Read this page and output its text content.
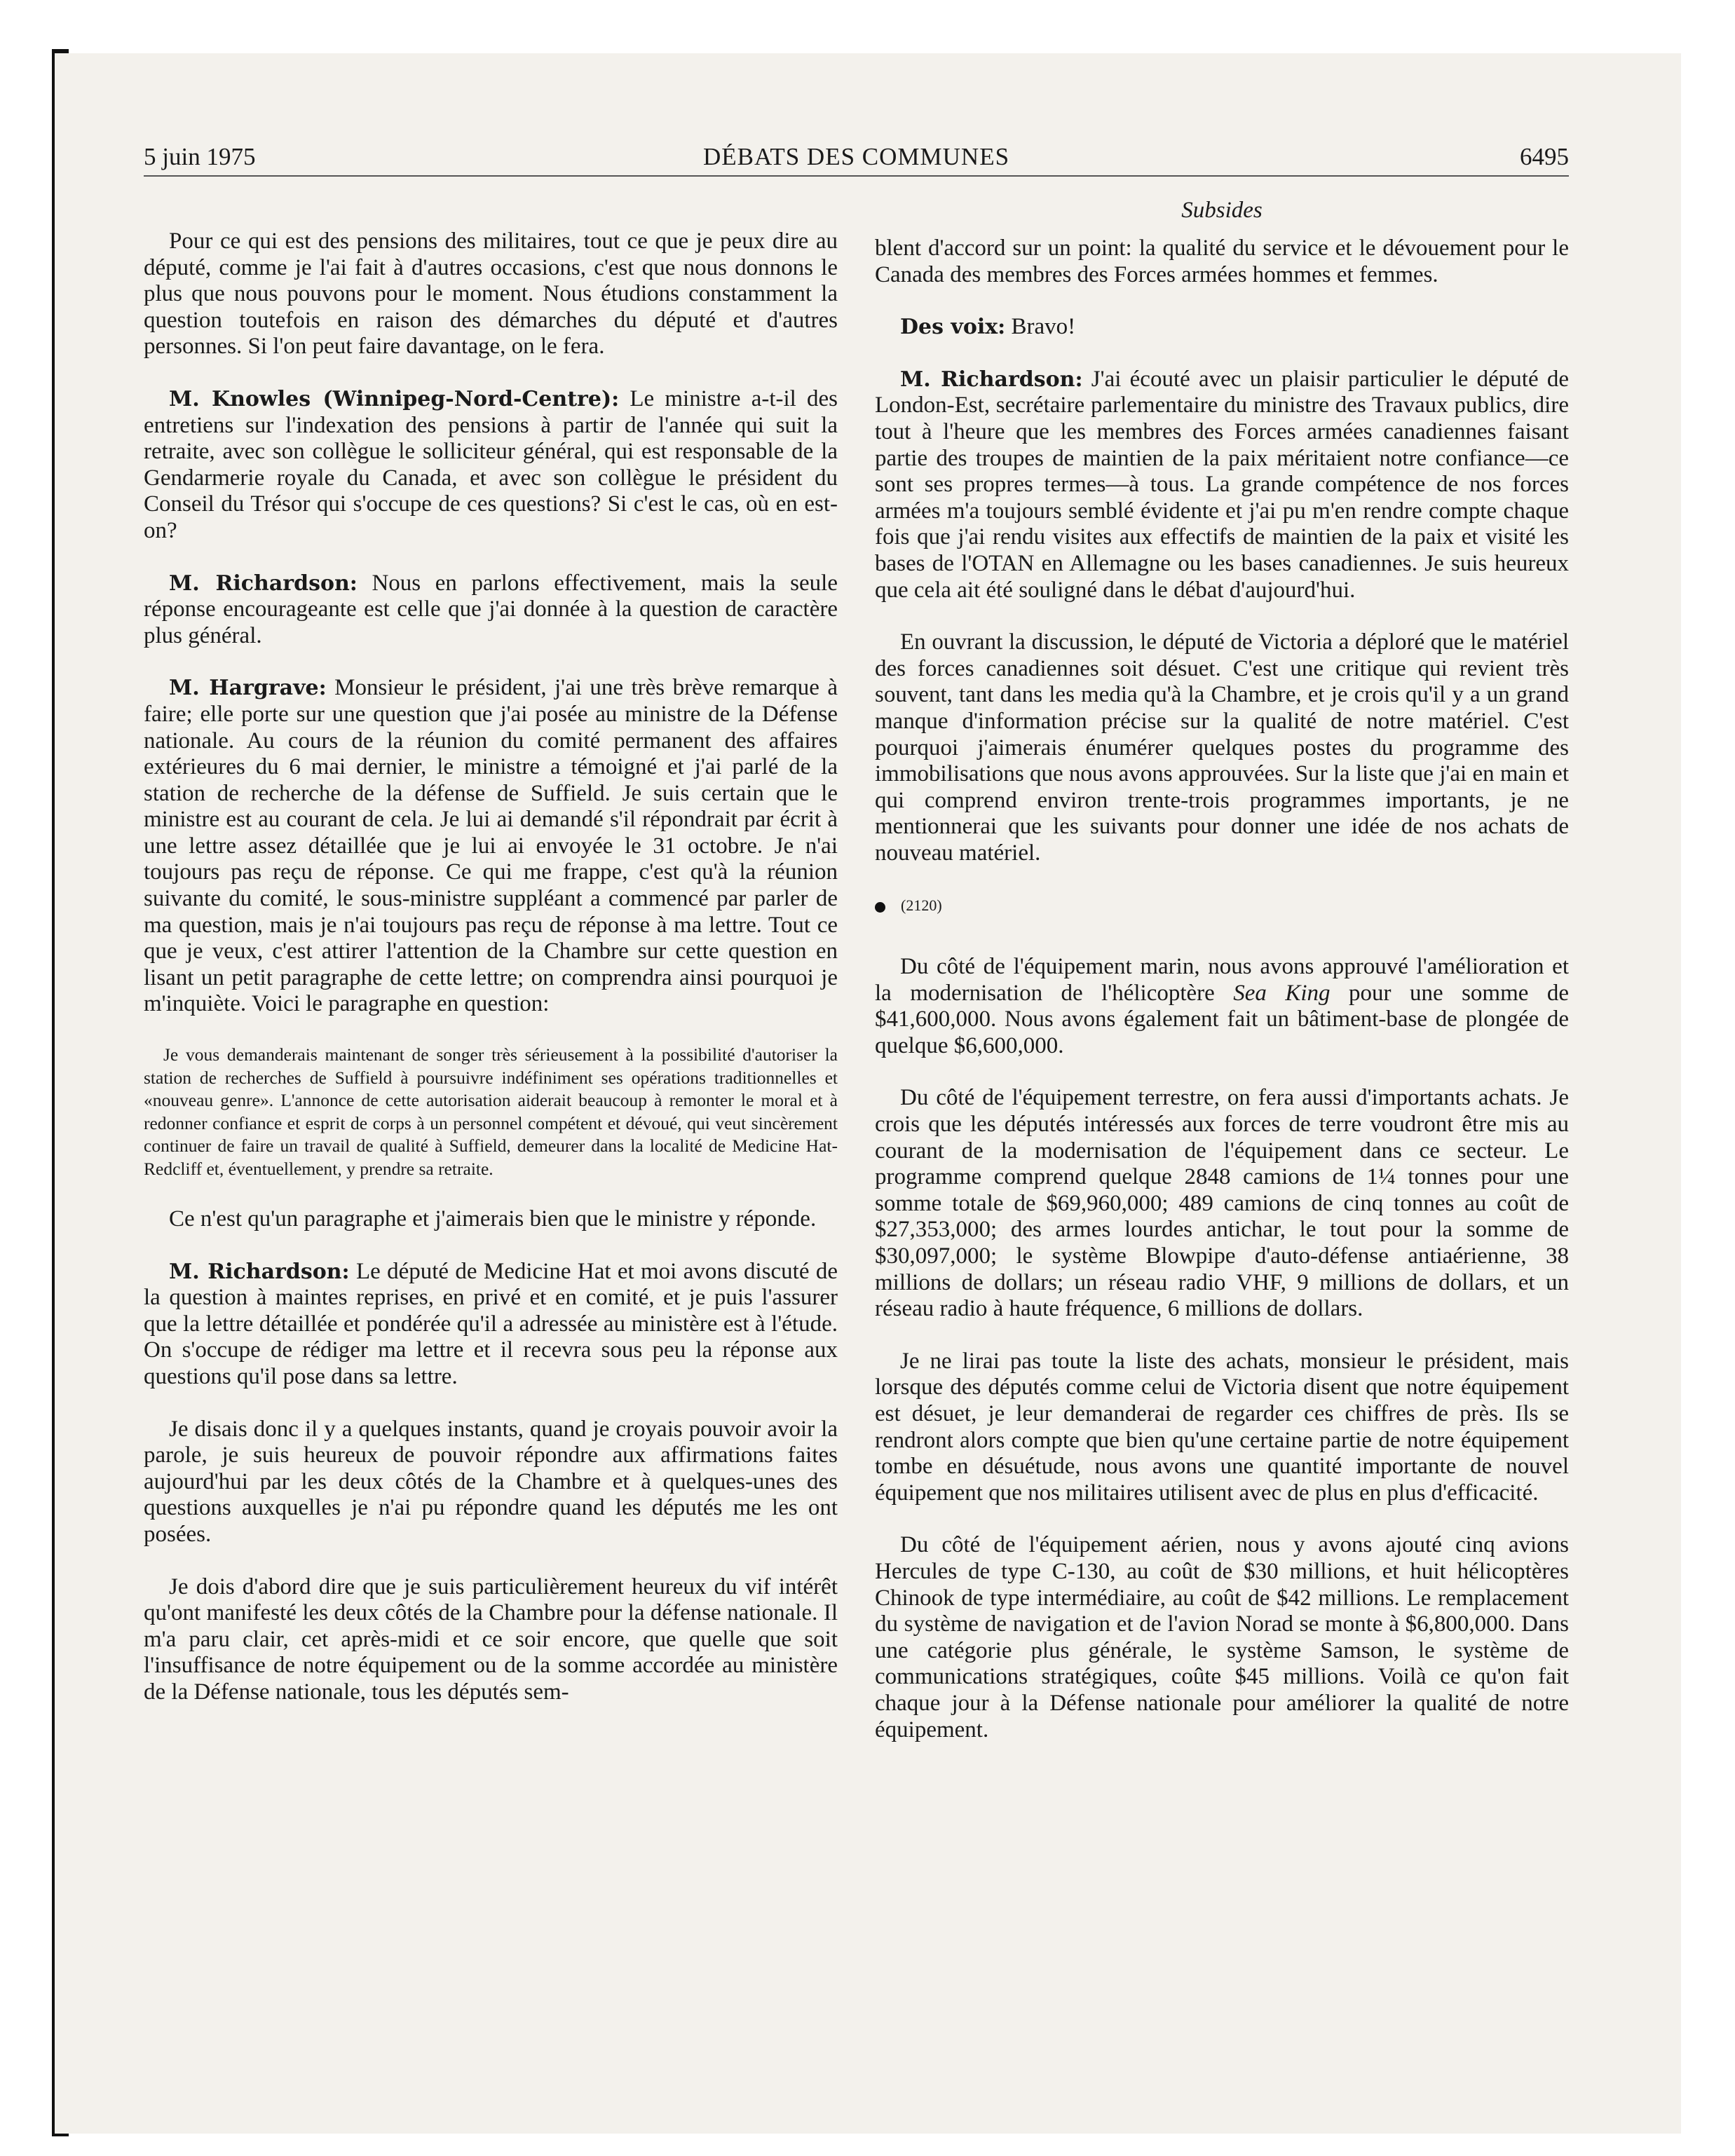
5 juin 1975	DÉBATS DES COMMUNES	6495
Subsides

Pour ce qui est des pensions des militaires, tout ce que je peux dire au député, comme je l'ai fait à d'autres occasions, c'est que nous donnons le plus que nous pouvons pour le moment. Nous étudions constamment la question toutefois en raison des démarches du député et d'autres personnes. Si l'on peut faire davantage, on le fera.

M. Knowles (Winnipeg-Nord-Centre): Le ministre a-t-il des entretiens sur l'indexation des pensions à partir de l'année qui suit la retraite, avec son collègue le solliciteur général, qui est responsable de la Gendarmerie royale du Canada, et avec son collègue le président du Conseil du Trésor qui s'occupe de ces questions? Si c'est le cas, où en est-on?

M. Richardson: Nous en parlons effectivement, mais la seule réponse encourageante est celle que j'ai donnée à la question de caractère plus général.

M. Hargrave: Monsieur le président, j'ai une très brève remarque à faire; elle porte sur une question que j'ai posée au ministre de la Défense nationale. Au cours de la réunion du comité permanent des affaires extérieures du 6 mai dernier, le ministre a témoigné et j'ai parlé de la station de recherche de la défense de Suffield. Je suis certain que le ministre est au courant de cela. Je lui ai demandé s'il répondrait par écrit à une lettre assez détaillée que je lui ai envoyée le 31 octobre. Je n'ai toujours pas reçu de réponse. Ce qui me frappe, c'est qu'à la réunion suivante du comité, le sous-ministre suppléant a commencé par parler de ma question, mais je n'ai toujours pas reçu de réponse à ma lettre. Tout ce que je veux, c'est attirer l'attention de la Chambre sur cette question en lisant un petit paragraphe de cette lettre; on comprendra ainsi pourquoi je m'inquiète. Voici le paragraphe en question:

Je vous demanderais maintenant de songer très sérieusement à la possibilité d'autoriser la station de recherches de Suffield à poursuivre indéfiniment ses opérations traditionnelles et «nouveau genre». L'annonce de cette autorisation aiderait beaucoup à remonter le moral et à redonner confiance et esprit de corps à un personnel compétent et dévoué, qui veut sincèrement continuer de faire un travail de qualité à Suffield, demeurer dans la localité de Medicine Hat-Redcliff et, éventuellement, y prendre sa retraite.

Ce n'est qu'un paragraphe et j'aimerais bien que le ministre y réponde.

M. Richardson: Le député de Medicine Hat et moi avons discuté de la question à maintes reprises, en privé et en comité, et je puis l'assurer que la lettre détaillée et pondérée qu'il a adressée au ministère est à l'étude. On s'occupe de rédiger ma lettre et il recevra sous peu la réponse aux questions qu'il pose dans sa lettre.

Je disais donc il y a quelques instants, quand je croyais pouvoir avoir la parole, je suis heureux de pouvoir répondre aux affirmations faites aujourd'hui par les deux côtés de la Chambre et à quelques-unes des questions auxquelles je n'ai pu répondre quand les députés me les ont posées.

Je dois d'abord dire que je suis particulièrement heureux du vif intérêt qu'ont manifesté les deux côtés de la Chambre pour la défense nationale. Il m'a paru clair, cet après-midi et ce soir encore, que quelle que soit l'insuffisance de notre équipement ou de la somme accordée au ministère de la Défense nationale, tous les députés sem-

blent d'accord sur un point: la qualité du service et le dévouement pour le Canada des membres des Forces armées hommes et femmes.

Des voix: Bravo!

M. Richardson: J'ai écouté avec un plaisir particulier le député de London-Est, secrétaire parlementaire du ministre des Travaux publics, dire tout à l'heure que les membres des Forces armées canadiennes faisant partie des troupes de maintien de la paix méritaient notre confiance—ce sont ses propres termes—à tous. La grande compétence de nos forces armées m'a toujours semblé évidente et j'ai pu m'en rendre compte chaque fois que j'ai rendu visites aux effectifs de maintien de la paix et visité les bases de l'OTAN en Allemagne ou les bases canadiennes. Je suis heureux que cela ait été souligné dans le débat d'aujourd'hui.

En ouvrant la discussion, le député de Victoria a déploré que le matériel des forces canadiennes soit désuet. C'est une critique qui revient très souvent, tant dans les media qu'à la Chambre, et je crois qu'il y a un grand manque d'information précise sur la qualité de notre matériel. C'est pourquoi j'aimerais énumérer quelques postes du programme des immobilisations que nous avons approuvées. Sur la liste que j'ai en main et qui comprend environ trente-trois programmes importants, je ne mentionnerai que les suivants pour donner une idée de nos achats de nouveau matériel.

(2120)

Du côté de l'équipement marin, nous avons approuvé l'amélioration et la modernisation de l'hélicoptère Sea King pour une somme de $41,600,000. Nous avons également fait un bâtiment-base de plongée de quelque $6,600,000.

Du côté de l'équipement terrestre, on fera aussi d'importants achats. Je crois que les députés intéressés aux forces de terre voudront être mis au courant de la modernisation de l'équipement dans ce secteur. Le programme comprend quelque 2848 camions de 1¼ tonnes pour une somme totale de $69,960,000; 489 camions de cinq tonnes au coût de $27,353,000; des armes lourdes antichar, le tout pour la somme de $30,097,000; le système Blowpipe d'auto-défense antiaérienne, 38 millions de dollars; un réseau radio VHF, 9 millions de dollars, et un réseau radio à haute fréquence, 6 millions de dollars.

Je ne lirai pas toute la liste des achats, monsieur le président, mais lorsque des députés comme celui de Victoria disent que notre équipement est désuet, je leur demanderai de regarder ces chiffres de près. Ils se rendront alors compte que bien qu'une certaine partie de notre équipement tombe en désuétude, nous avons une quantité importante de nouvel équipement que nos militaires utilisent avec de plus en plus d'efficacité.

Du côté de l'équipement aérien, nous y avons ajouté cinq avions Hercules de type C-130, au coût de $30 millions, et huit hélicoptères Chinook de type intermédiaire, au coût de $42 millions. Le remplacement du système de navigation et de l'avion Norad se monte à $6,800,000. Dans une catégorie plus générale, le système Samson, le système de communications stratégiques, coûte $45 millions. Voilà ce qu'on fait chaque jour à la Défense nationale pour améliorer la qualité de notre équipement.
